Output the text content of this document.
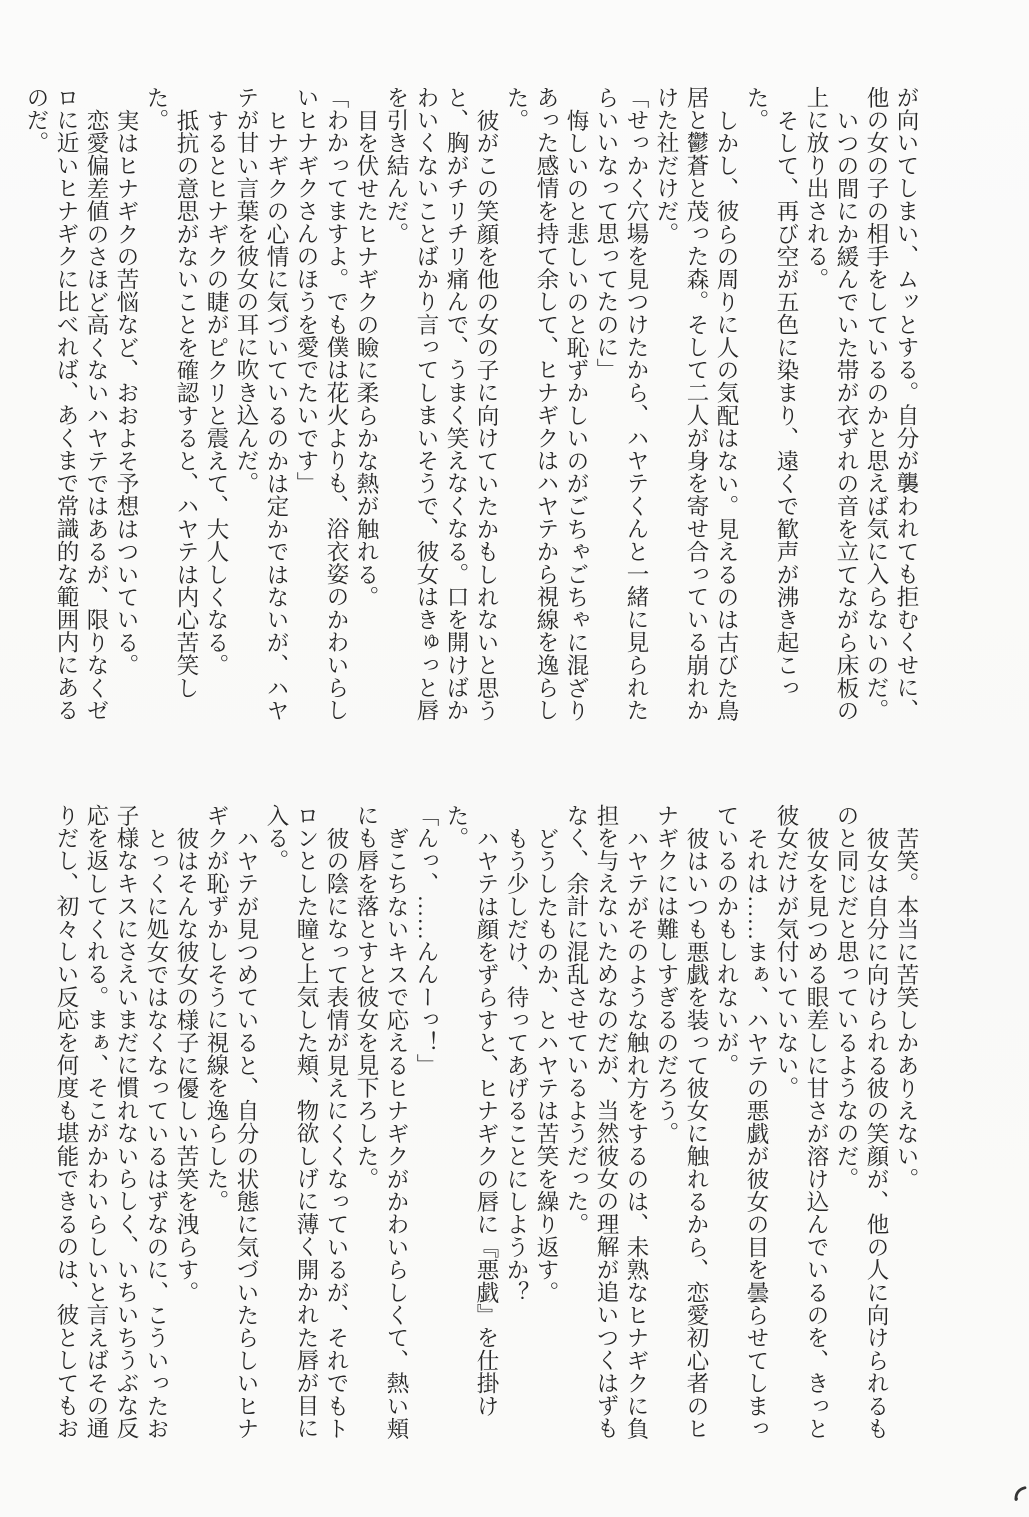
が向いてしまい、ムッとする。自分が襲われても拒むくせに、他の女の子の相手をしているのかと思えば気に入らないのだ。

いつの間にか緩んでいた帯が衣ずれの音を立てながら床板の上に放り出される。

そして、再び空が五色に染まり、遠くで歓声が沸き起こった。

しかし、彼らの周りに人の気配はない。見えるのは古びた鳥居と鬱蒼と茂った森。そして二人が身を寄せ合っている崩れかけた社だけだ。

「せっかく穴場を見つけたから、ハヤテくんと一緒に見られたらいいなって思ってたのに」

悔しいのと悲しいのと恥ずかしいのがごちゃごちゃに混ざりあった感情を持て余して、ヒナギクはハヤテから視線を逸らした。

彼がこの笑顔を他の女の子に向けていたかもしれないと思うと、胸がチリチリ痛んで、うまく笑えなくなる。口を開けばかわいくないことばかり言ってしまいそうで、彼女はきゅっと唇を引き結んだ。

目を伏せたヒナギクの瞼に柔らかな熱が触れる。

「わかってますよ。でも僕は花火よりも、浴衣姿のかわいらしいヒナギクさんのほうを愛でたいです」

ヒナギクの心情に気づいているのかは定かではないが、ハヤテが甘い言葉を彼女の耳に吹き込んだ。

するとヒナギクの睫がピクリと震えて、大人しくなる。

抵抗の意思がないことを確認すると、ハヤテは内心苦笑した。

実はヒナギクの苦悩など、おおよそ予想はついている。

恋愛偏差値のさほど高くないハヤテではあるが、限りなくゼロに近いヒナギクに比べれば、あくまで常識的な範囲内にあるのだ。

苦笑。本当に苦笑しかありえない。

彼女は自分に向けられる彼の笑顔が、他の人に向けられるものと同じだと思っているようなのだ。

彼女を見つめる眼差しに甘さが溶け込んでいるのを、きっと彼女だけが気付いていない。

それは……まぁ、ハヤテの悪戯が彼女の目を曇らせてしまっているのかもしれないが。

彼はいつも悪戯を装って彼女に触れるから、恋愛初心者のヒナギクには難しすぎるのだろう。

ハヤテがそのような触れ方をするのは、未熟なヒナギクに負担を与えないためなのだが、当然彼女の理解が追いつくはずもなく、余計に混乱させているようだった。

どうしたものか、とハヤテは苦笑を繰り返す。

もう少しだけ、待ってあげることにしようか？

ハヤテは顔をずらすと、ヒナギクの唇に『悪戯』を仕掛けた。

「んっ、……んんーっ！」

ぎこちないキスで応えるヒナギクがかわいらしくて、熱い頬にも唇を落とすと彼女を見下ろした。

彼の陰になって表情が見えにくくなっているが、それでもトロンとした瞳と上気した頬、物欲しげに薄く開かれた唇が目に入る。

ハヤテが見つめていると、自分の状態に気づいたらしいヒナギクが恥ずかしそうに視線を逸らした。

彼はそんな彼女の様子に優しい苦笑を洩らす。

とっくに処女ではなくなっているはずなのに、こういったお子様なキスにさえいまだに慣れないらしく、いちいちうぶな反応を返してくれる。まぁ、そこがかわいらしいと言えばその通りだし、初々しい反応を何度も堪能できるのは、彼としてもお
